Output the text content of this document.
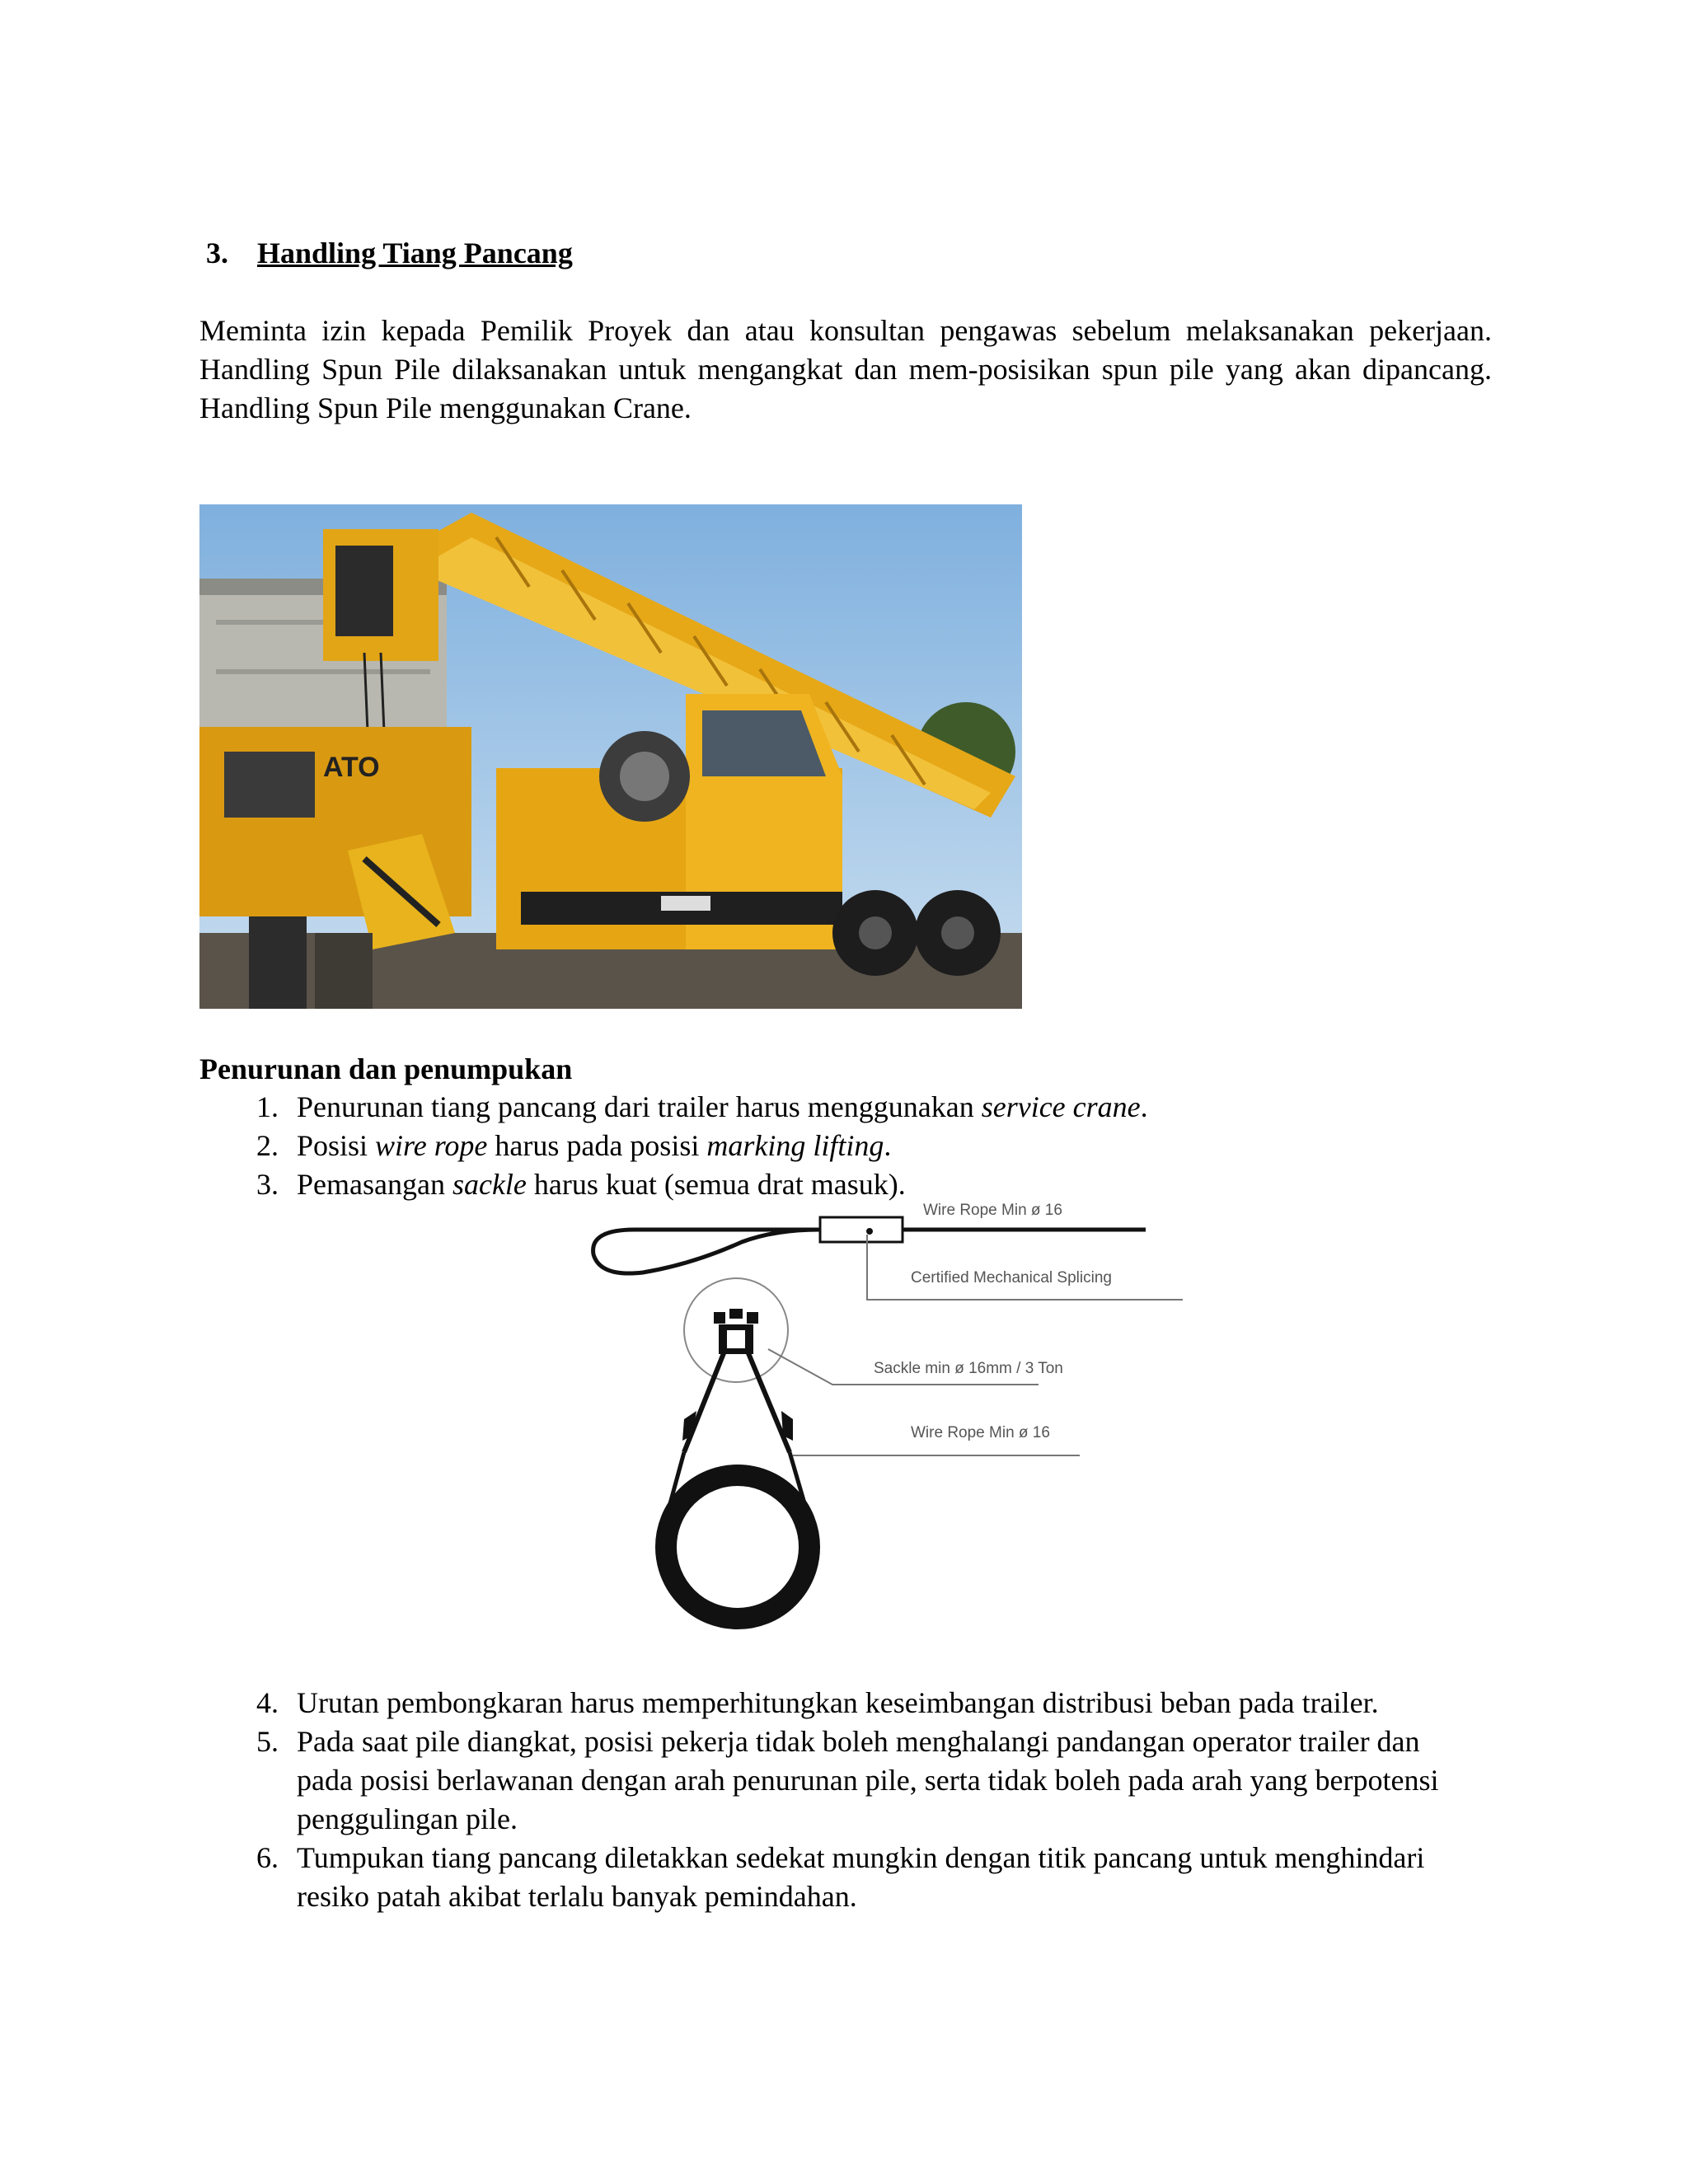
3. Handling Tiang Pancang

Meminta izin kepada Pemilik Proyek dan atau konsultan pengawas sebelum melaksanakan pekerjaan. Handling Spun Pile dilaksanakan untuk mengangkat dan mem-posisikan spun pile yang akan dipancang. Handling Spun Pile menggunakan Crane.

ATO
Penurunan dan penumpukan
1. Penurunan tiang pancang dari trailer harus menggunakan service crane.
2. Posisi wire rope harus pada posisi marking lifting.
3. Pemasangan sackle harus kuat (semua drat masuk).
Wire Rope Min ø 16
Certified Mechanical Splicing
Sackle min ø 16mm / 3 Ton
Wire Rope Min ø 16
4. Urutan pembongkaran harus memperhitungkan keseimbangan distribusi beban pada trailer.
5. Pada saat pile diangkat, posisi pekerja tidak boleh menghalangi pandangan operator trailer dan pada posisi berlawanan dengan arah penurunan pile, serta tidak boleh pada arah yang berpotensi penggulingan pile.
6. Tumpukan tiang pancang diletakkan sedekat mungkin dengan titik pancang untuk menghindari resiko patah akibat terlalu banyak pemindahan.
